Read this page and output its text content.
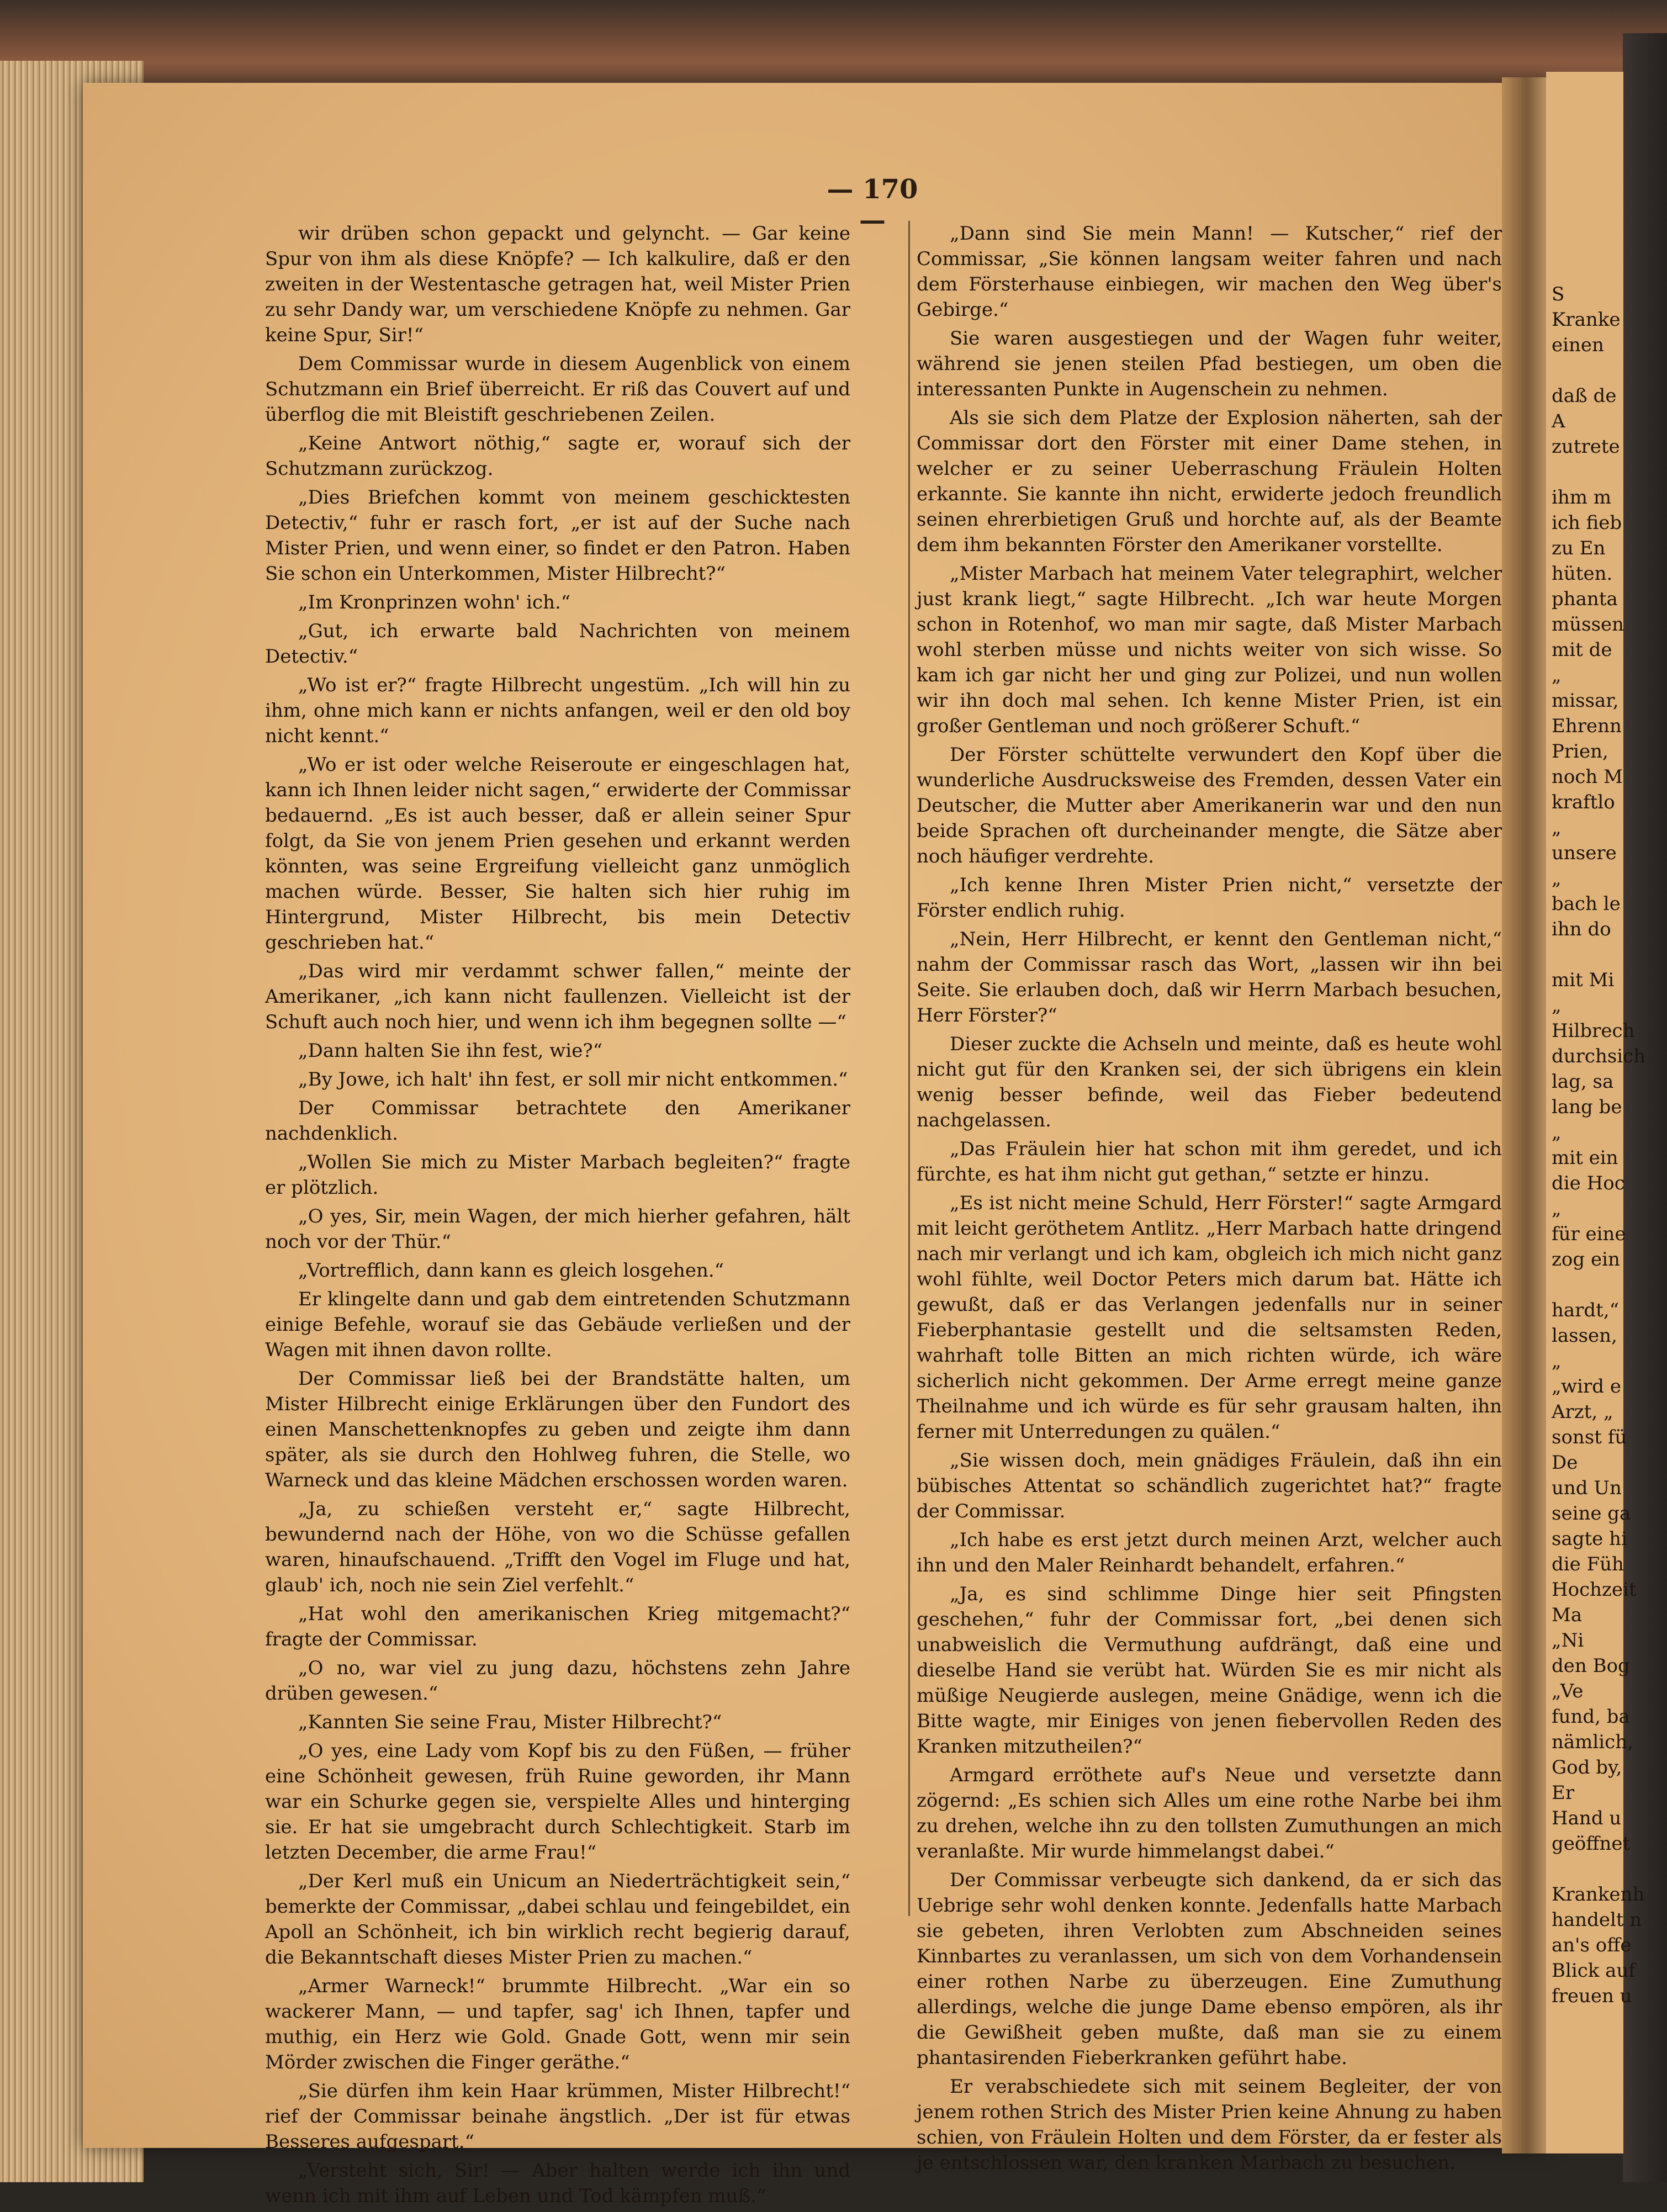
S

Kranke

einen

daß de

A

zutrete

ihm m

ich fieb

zu En

hüten.

phanta

müssen

mit de

„

missar,

Ehrenn

Prien,

noch M

kraftlo

„

unsere

„

bach le

ihn do

mit Mi

„

Hilbrech

durchsich

lag, sa

lang be

„

mit ein

die Hoc

„

für eine

zog ein

hardt,“

lassen,

„

„wird e

Arzt, „

sonst fü

De

und Un

seine ga

sagte hi

die Füh

Hochzeit

Ma

„Ni

den Bog

„Ve

fund, ba

nämlich,

God by,

Er

Hand u

geöffnet

Krankenh

handelt n

an's offe

Blick auf

freuen u

— 170 —

wir drüben schon gepackt und gelyncht. — Gar keine Spur von ihm als diese Knöpfe? — Ich kalkulire, daß er den zweiten in der Westentasche getragen hat, weil Mister Prien zu sehr Dandy war, um verschiedene Knöpfe zu nehmen. Gar keine Spur, Sir!“

Dem Commissar wurde in diesem Augenblick von einem Schutzmann ein Brief überreicht. Er riß das Couvert auf und überflog die mit Bleistift geschriebenen Zeilen.

„Keine Antwort nöthig,“ sagte er, worauf sich der Schutzmann zurückzog.

„Dies Briefchen kommt von meinem geschicktesten Detectiv,“ fuhr er rasch fort, „er ist auf der Suche nach Mister Prien, und wenn einer, so findet er den Patron. Haben Sie schon ein Unterkommen, Mister Hilbrecht?“

„Im Kronprinzen wohn' ich.“

„Gut, ich erwarte bald Nachrichten von meinem Detectiv.“

„Wo ist er?“ fragte Hilbrecht ungestüm. „Ich will hin zu ihm, ohne mich kann er nichts anfangen, weil er den old boy nicht kennt.“

„Wo er ist oder welche Reiseroute er eingeschlagen hat, kann ich Ihnen leider nicht sagen,“ erwiderte der Commissar bedauernd. „Es ist auch besser, daß er allein seiner Spur folgt, da Sie von jenem Prien gesehen und erkannt werden könnten, was seine Ergreifung vielleicht ganz unmöglich machen würde. Besser, Sie halten sich hier ruhig im Hintergrund, Mister Hilbrecht, bis mein Detectiv geschrieben hat.“

„Das wird mir verdammt schwer fallen,“ meinte der Amerikaner, „ich kann nicht faullenzen. Vielleicht ist der Schuft auch noch hier, und wenn ich ihm begegnen sollte —“

„Dann halten Sie ihn fest, wie?“

„By Jowe, ich halt' ihn fest, er soll mir nicht entkommen.“

Der Commissar betrachtete den Amerikaner nachdenklich.

„Wollen Sie mich zu Mister Marbach begleiten?“ fragte er plötzlich.

„O yes, Sir, mein Wagen, der mich hierher gefahren, hält noch vor der Thür.“

„Vortrefflich, dann kann es gleich losgehen.“

Er klingelte dann und gab dem eintretenden Schutzmann einige Befehle, worauf sie das Gebäude verließen und der Wagen mit ihnen davon rollte.

Der Commissar ließ bei der Brandstätte halten, um Mister Hilbrecht einige Erklärungen über den Fundort des einen Manschettenknopfes zu geben und zeigte ihm dann später, als sie durch den Hohlweg fuhren, die Stelle, wo Warneck und das kleine Mädchen erschossen worden waren.

„Ja, zu schießen versteht er,“ sagte Hilbrecht, bewundernd nach der Höhe, von wo die Schüsse gefallen waren, hinaufschauend. „Trifft den Vogel im Fluge und hat, glaub' ich, noch nie sein Ziel verfehlt.“

„Hat wohl den amerikanischen Krieg mitgemacht?“ fragte der Commissar.

„O no, war viel zu jung dazu, höchstens zehn Jahre drüben gewesen.“

„Kannten Sie seine Frau, Mister Hilbrecht?“

„O yes, eine Lady vom Kopf bis zu den Füßen, — früher eine Schönheit gewesen, früh Ruine geworden, ihr Mann war ein Schurke gegen sie, verspielte Alles und hinterging sie. Er hat sie umgebracht durch Schlechtigkeit. Starb im letzten December, die arme Frau!“

„Der Kerl muß ein Unicum an Niederträchtigkeit sein,“ bemerkte der Commissar, „dabei schlau und feingebildet, ein Apoll an Schönheit, ich bin wirklich recht begierig darauf, die Bekanntschaft dieses Mister Prien zu machen.“

„Armer Warneck!“ brummte Hilbrecht. „War ein so wackerer Mann, — und tapfer, sag' ich Ihnen, tapfer und muthig, ein Herz wie Gold. Gnade Gott, wenn mir sein Mörder zwischen die Finger geräthe.“

„Sie dürfen ihm kein Haar krümmen, Mister Hilbrecht!“ rief der Commissar beinahe ängstlich. „Der ist für etwas Besseres aufgespart.“

„Versteht sich, Sir! — Aber halten werde ich ihn und wenn ich mit ihm auf Leben und Tod kämpfen muß.“

„Dann sind Sie mein Mann! — Kutscher,“ rief der Commissar, „Sie können langsam weiter fahren und nach dem Försterhause einbiegen, wir machen den Weg über's Gebirge.“

Sie waren ausgestiegen und der Wagen fuhr weiter, während sie jenen steilen Pfad bestiegen, um oben die interessanten Punkte in Augenschein zu nehmen.

Als sie sich dem Platze der Explosion näherten, sah der Commissar dort den Förster mit einer Dame stehen, in welcher er zu seiner Ueberraschung Fräulein Holten erkannte. Sie kannte ihn nicht, erwiderte jedoch freundlich seinen ehrerbietigen Gruß und horchte auf, als der Beamte dem ihm bekannten Förster den Amerikaner vorstellte.

„Mister Marbach hat meinem Vater telegraphirt, welcher just krank liegt,“ sagte Hilbrecht. „Ich war heute Morgen schon in Rotenhof, wo man mir sagte, daß Mister Marbach wohl sterben müsse und nichts weiter von sich wisse. So kam ich gar nicht her und ging zur Polizei, und nun wollen wir ihn doch mal sehen. Ich kenne Mister Prien, ist ein großer Gentleman und noch größerer Schuft.“

Der Förster schüttelte verwundert den Kopf über die wunderliche Ausdrucksweise des Fremden, dessen Vater ein Deutscher, die Mutter aber Amerikanerin war und den nun beide Sprachen oft durcheinander mengte, die Sätze aber noch häufiger verdrehte.

„Ich kenne Ihren Mister Prien nicht,“ versetzte der Förster endlich ruhig.

„Nein, Herr Hilbrecht, er kennt den Gentleman nicht,“ nahm der Commissar rasch das Wort, „lassen wir ihn bei Seite. Sie erlauben doch, daß wir Herrn Marbach besuchen, Herr Förster?“

Dieser zuckte die Achseln und meinte, daß es heute wohl nicht gut für den Kranken sei, der sich übrigens ein klein wenig besser befinde, weil das Fieber bedeutend nachgelassen.

„Das Fräulein hier hat schon mit ihm geredet, und ich fürchte, es hat ihm nicht gut gethan,“ setzte er hinzu.

„Es ist nicht meine Schuld, Herr Förster!“ sagte Armgard mit leicht geröthetem Antlitz. „Herr Marbach hatte dringend nach mir verlangt und ich kam, obgleich ich mich nicht ganz wohl fühlte, weil Doctor Peters mich darum bat. Hätte ich gewußt, daß er das Verlangen jedenfalls nur in seiner Fieberphantasie gestellt und die seltsamsten Reden, wahrhaft tolle Bitten an mich richten würde, ich wäre sicherlich nicht gekommen. Der Arme erregt meine ganze Theilnahme und ich würde es für sehr grausam halten, ihn ferner mit Unterredungen zu quälen.“

„Sie wissen doch, mein gnädiges Fräulein, daß ihn ein bübisches Attentat so schändlich zugerichtet hat?“ fragte der Commissar.

„Ich habe es erst jetzt durch meinen Arzt, welcher auch ihn und den Maler Reinhardt behandelt, erfahren.“

„Ja, es sind schlimme Dinge hier seit Pfingsten geschehen,“ fuhr der Commissar fort, „bei denen sich unabweislich die Vermuthung aufdrängt, daß eine und dieselbe Hand sie verübt hat. Würden Sie es mir nicht als müßige Neugierde auslegen, meine Gnädige, wenn ich die Bitte wagte, mir Einiges von jenen fiebervollen Reden des Kranken mitzutheilen?“

Armgard erröthete auf's Neue und versetzte dann zögernd: „Es schien sich Alles um eine rothe Narbe bei ihm zu drehen, welche ihn zu den tollsten Zumuthungen an mich veranlaßte. Mir wurde himmelangst dabei.“

Der Commissar verbeugte sich dankend, da er sich das Uebrige sehr wohl denken konnte. Jedenfalls hatte Marbach sie gebeten, ihren Verlobten zum Abschneiden seines Kinnbartes zu veranlassen, um sich von dem Vorhandensein einer rothen Narbe zu überzeugen. Eine Zumuthung allerdings, welche die junge Dame ebenso empören, als ihr die Gewißheit geben mußte, daß man sie zu einem phantasirenden Fieberkranken geführt habe.

Er verabschiedete sich mit seinem Begleiter, der von jenem rothen Strich des Mister Prien keine Ahnung zu haben schien, von Fräulein Holten und dem Förster, da er fester als je entschlossen war, den kranken Marbach zu besuchen.
